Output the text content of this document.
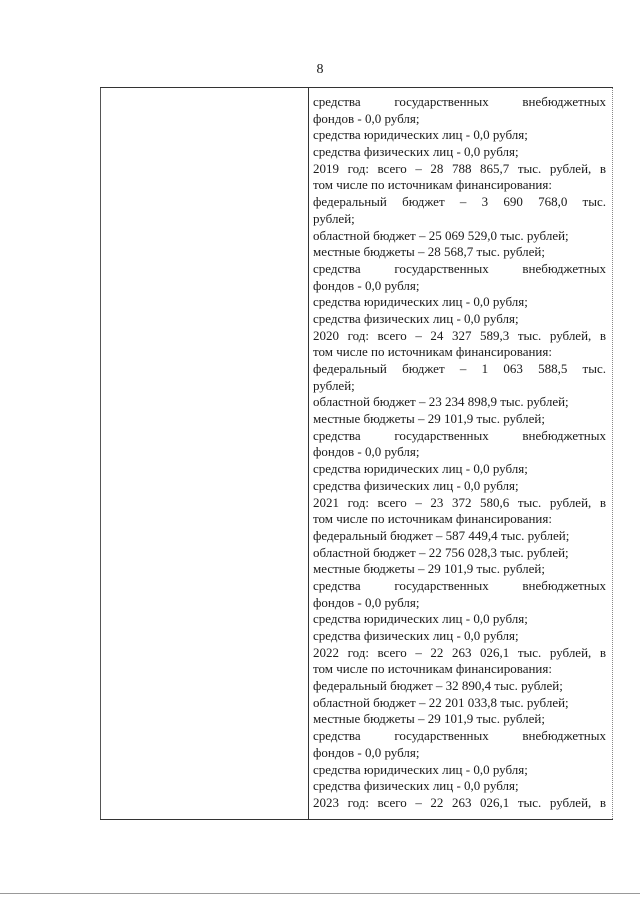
8
средства государственных внебюджетных
фондов - 0,0 рубля;
средства юридических лиц - 0,0 рубля;
средства физических лиц - 0,0 рубля;
2019 год: всего – 28 788 865,7 тыс. рублей, в
том числе по источникам финансирования:
федеральный бюджет – 3 690 768,0 тыс.
рублей;
областной бюджет – 25 069 529,0 тыс. рублей;
местные бюджеты – 28 568,7 тыс. рублей;
средства государственных внебюджетных
фондов - 0,0 рубля;
средства юридических лиц - 0,0 рубля;
средства физических лиц - 0,0 рубля;
2020 год: всего – 24 327 589,3 тыс. рублей, в
том числе по источникам финансирования:
федеральный бюджет – 1 063 588,5 тыс.
рублей;
областной бюджет – 23 234 898,9 тыс. рублей;
местные бюджеты – 29 101,9 тыс. рублей;
средства государственных внебюджетных
фондов - 0,0 рубля;
средства юридических лиц - 0,0 рубля;
средства физических лиц - 0,0 рубля;
2021 год: всего – 23 372 580,6 тыс. рублей, в
том числе по источникам финансирования:
федеральный бюджет – 587 449,4 тыс. рублей;
областной бюджет – 22 756 028,3 тыс. рублей;
местные бюджеты – 29 101,9 тыс. рублей;
средства государственных внебюджетных
фондов - 0,0 рубля;
средства юридических лиц - 0,0 рубля;
средства физических лиц - 0,0 рубля;
2022 год: всего – 22 263 026,1 тыс. рублей, в
том числе по источникам финансирования:
федеральный бюджет – 32 890,4 тыс. рублей;
областной бюджет – 22 201 033,8 тыс. рублей;
местные бюджеты – 29 101,9 тыс. рублей;
средства государственных внебюджетных
фондов - 0,0 рубля;
средства юридических лиц - 0,0 рубля;
средства физических лиц - 0,0 рубля;
2023 год: всего – 22 263 026,1 тыс. рублей, в
